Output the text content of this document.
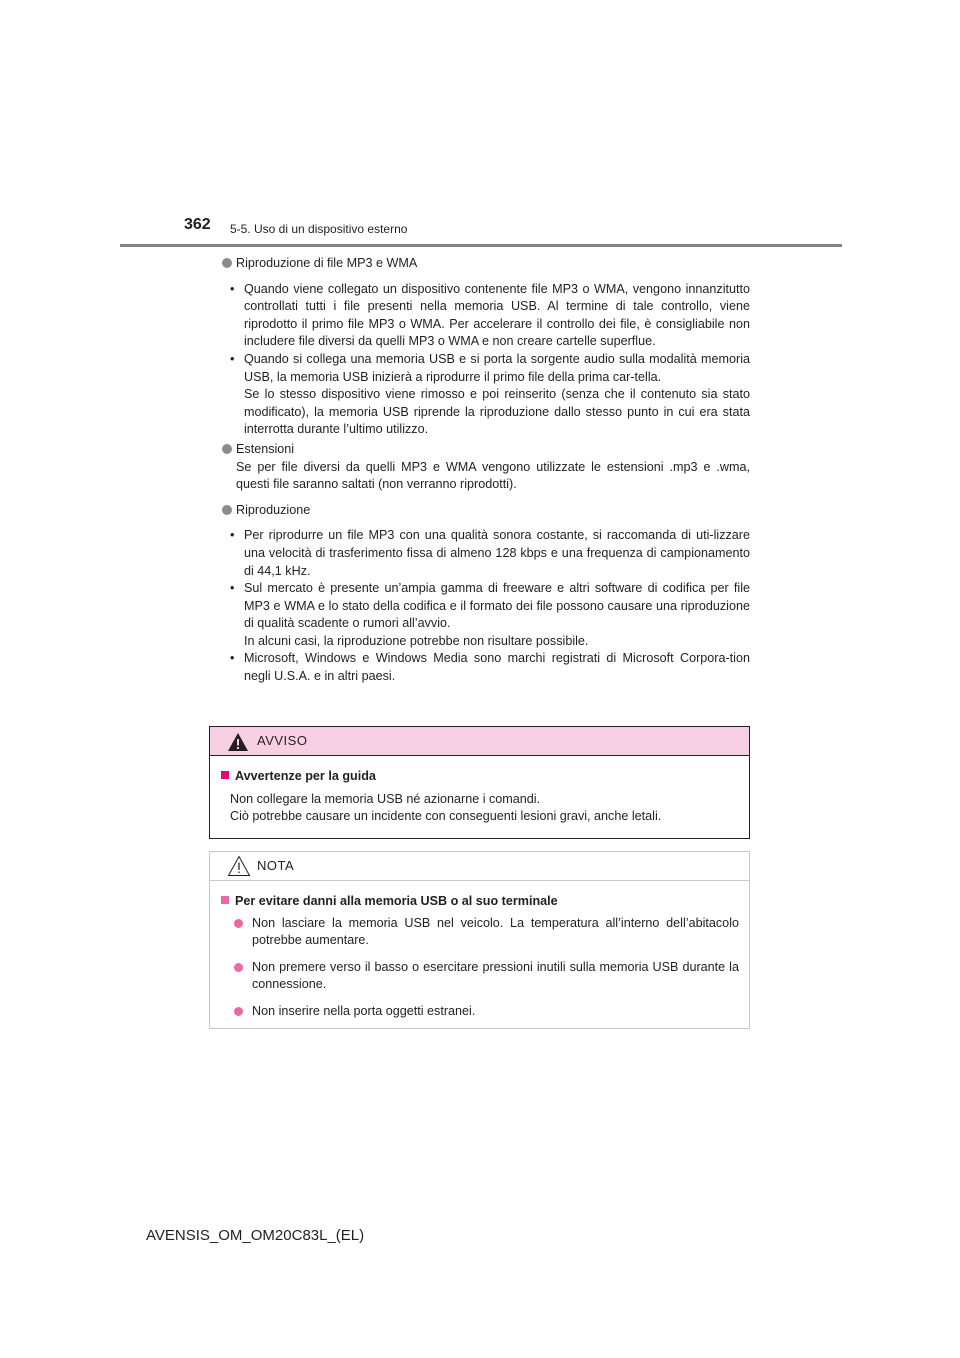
362 5-5. Uso di un dispositivo esterno
Riproduzione di file MP3 e WMA
• Quando viene collegato un dispositivo contenente file MP3 o WMA, vengono innanzitutto controllati tutti i file presenti nella memoria USB. Al termine di tale controllo, viene riprodotto il primo file MP3 o WMA. Per accelerare il controllo dei file, è consigliabile non includere file diversi da quelli MP3 o WMA e non creare cartelle superflue.
• Quando si collega una memoria USB e si porta la sorgente audio sulla modalità memoria USB, la memoria USB inizierà a riprodurre il primo file della prima car-tella.
Se lo stesso dispositivo viene rimosso e poi reinserito (senza che il contenuto sia stato modificato), la memoria USB riprende la riproduzione dallo stesso punto in cui era stata interrotta durante l’ultimo utilizzo.
Estensioni
Se per file diversi da quelli MP3 e WMA vengono utilizzate le estensioni .mp3 e .wma, questi file saranno saltati (non verranno riprodotti).
Riproduzione
• Per riprodurre un file MP3 con una qualità sonora costante, si raccomanda di uti-lizzare una velocità di trasferimento fissa di almeno 128 kbps e una frequenza di campionamento di 44,1 kHz.
• Sul mercato è presente un’ampia gamma di freeware e altri software di codifica per file MP3 e WMA e lo stato della codifica e il formato dei file possono causare una riproduzione di qualità scadente o rumori all’avvio.
In alcuni casi, la riproduzione potrebbe non risultare possibile.
• Microsoft, Windows e Windows Media sono marchi registrati di Microsoft Corpora-tion negli U.S.A. e in altri paesi.
AVVISO
Avvertenze per la guida
Non collegare la memoria USB né azionarne i comandi.
Ciò potrebbe causare un incidente con conseguenti lesioni gravi, anche letali.
NOTA
Per evitare danni alla memoria USB o al suo terminale
Non lasciare la memoria USB nel veicolo. La temperatura all’interno dell’abitacolo potrebbe aumentare.
Non premere verso il basso o esercitare pressioni inutili sulla memoria USB durante la connessione.
Non inserire nella porta oggetti estranei.
AVENSIS_OM_OM20C83L_(EL)
